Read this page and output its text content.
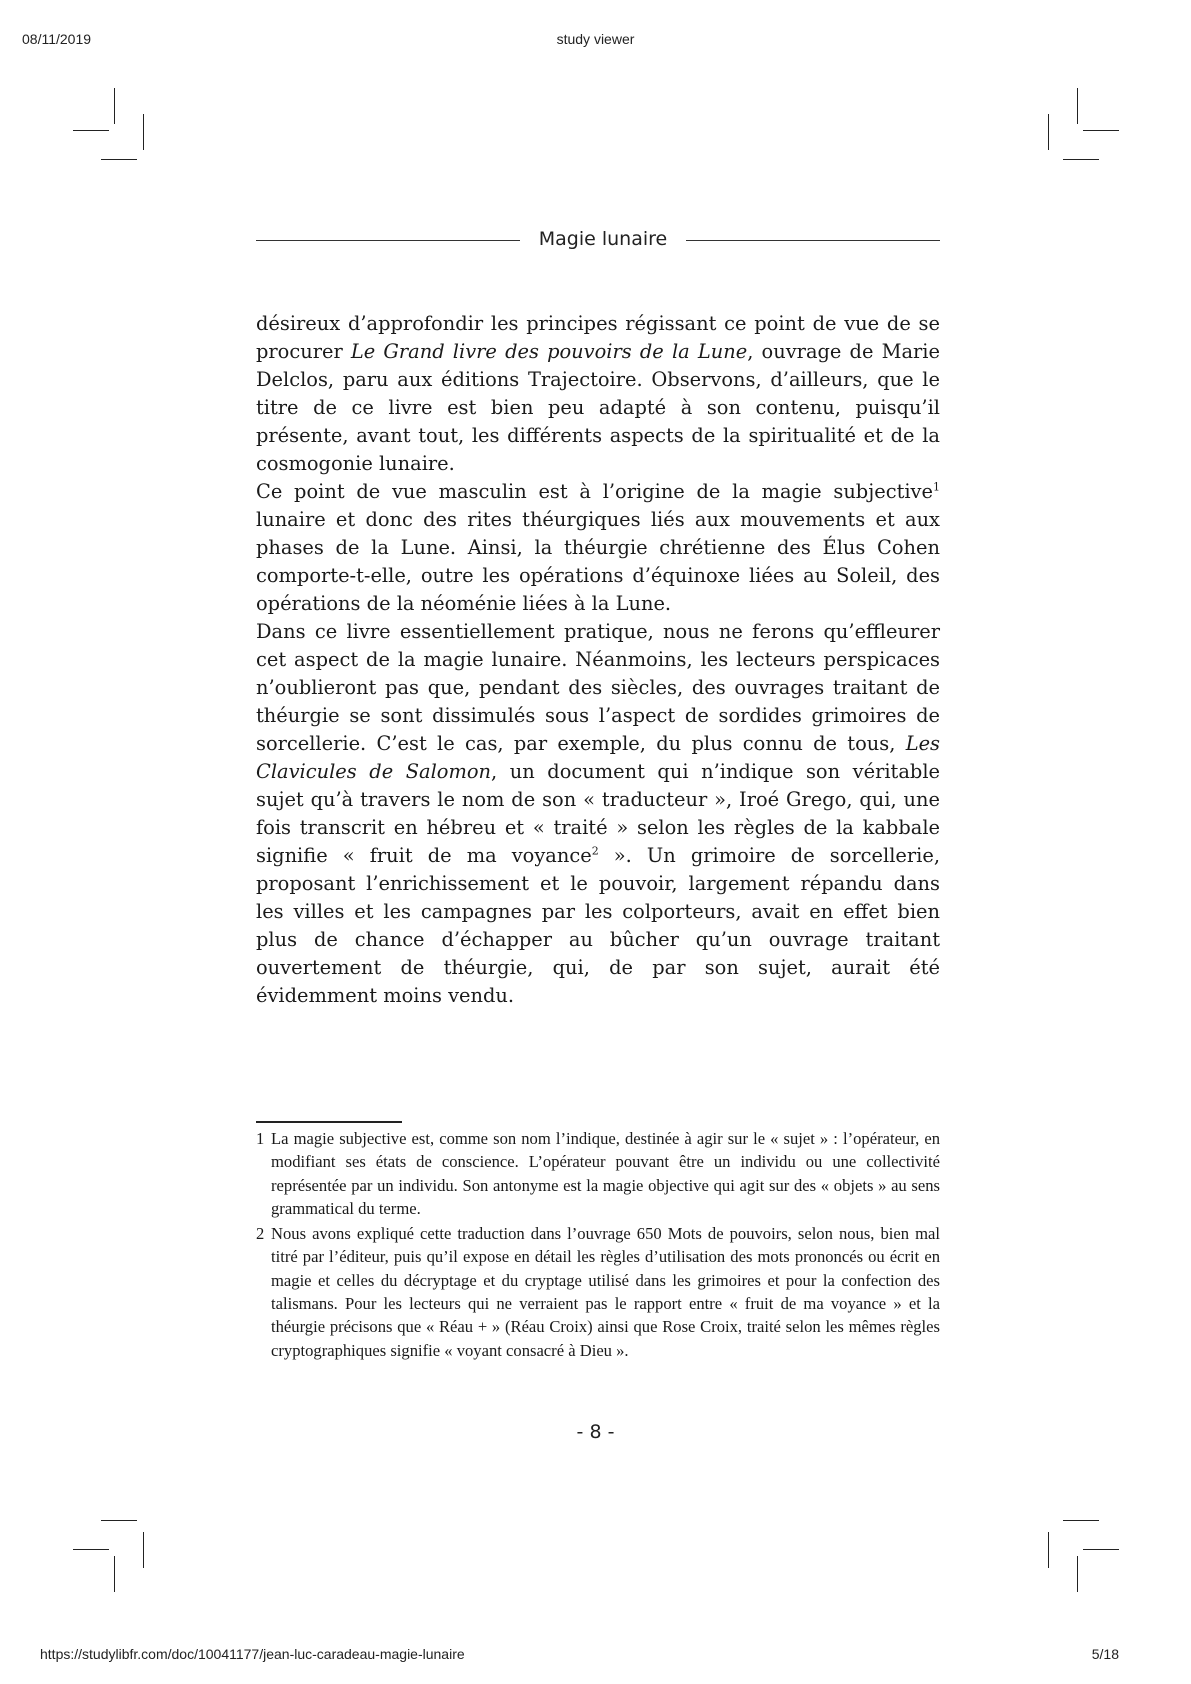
08/11/2019	study viewer
https://studylibfr.com/doc/10041177/jean-luc-caradeau-magie-lunaire	5/18
Magie lunaire

désireux d’approfondir les principes régissant ce point de vue de se procurer Le Grand livre des pouvoirs de la Lune, ouvrage de Marie Delclos, paru aux éditions Trajectoire. Observons, d’ailleurs, que le titre de ce livre est bien peu adapté à son contenu, puisqu’il présente, avant tout, les différents aspects de la spiritualité et de la cosmogonie lunaire.

Ce point de vue masculin est à l’origine de la magie subjective$^1$ lunaire et donc des rites théurgiques liés aux mouvements et aux phases de la Lune. Ainsi, la théurgie chrétienne des Élus Cohen comporte-t-elle, outre les opérations d’équinoxe liées au Soleil, des opérations de la néoménie liées à la Lune.

Dans ce livre essentiellement pratique, nous ne ferons qu’effleurer cet aspect de la magie lunaire. Néanmoins, les lecteurs perspicaces n’oublieront pas que, pendant des siècles, des ouvrages traitant de théurgie se sont dissimulés sous l’aspect de sordides grimoires de sorcellerie. C’est le cas, par exemple, du plus connu de tous, Les Clavicules de Salomon, un document qui n’indique son véritable sujet qu’à travers le nom de son « traducteur », Iroé Grego, qui, une fois transcrit en hébreu et « traité » selon les règles de la kabbale signifie « fruit de ma voyance$^2$ ». Un grimoire de sorcellerie, proposant l’enrichissement et le pouvoir, largement répandu dans les villes et les campagnes par les colporteurs, avait en effet bien plus de chance d’échapper au bûcher qu’un ouvrage traitant ouvertement de théurgie, qui, de par son sujet, aurait été évidemment moins vendu.

1 La magie subjective est, comme son nom l’indique, destinée à agir sur le « sujet » : l’opérateur, en modifiant ses états de conscience. L’opérateur pouvant être un individu ou une collectivité représentée par un individu. Son antonyme est la magie objective qui agit sur des « objets » au sens grammatical du terme.
2 Nous avons expliqué cette traduction dans l’ouvrage 650 Mots de pouvoirs, selon nous, bien mal titré par l’éditeur, puis qu’il expose en détail les règles d’utilisation des mots prononcés ou écrit en magie et celles du décryptage et du cryptage utilisé dans les grimoires et pour la confection des talismans. Pour les lecteurs qui ne verraient pas le rapport entre « fruit de ma voyance » et la théurgie précisons que « Réau + » (Réau Croix) ainsi que Rose Croix, traité selon les mêmes règles cryptographiques signifie « voyant consacré à Dieu ».
- 8 -
